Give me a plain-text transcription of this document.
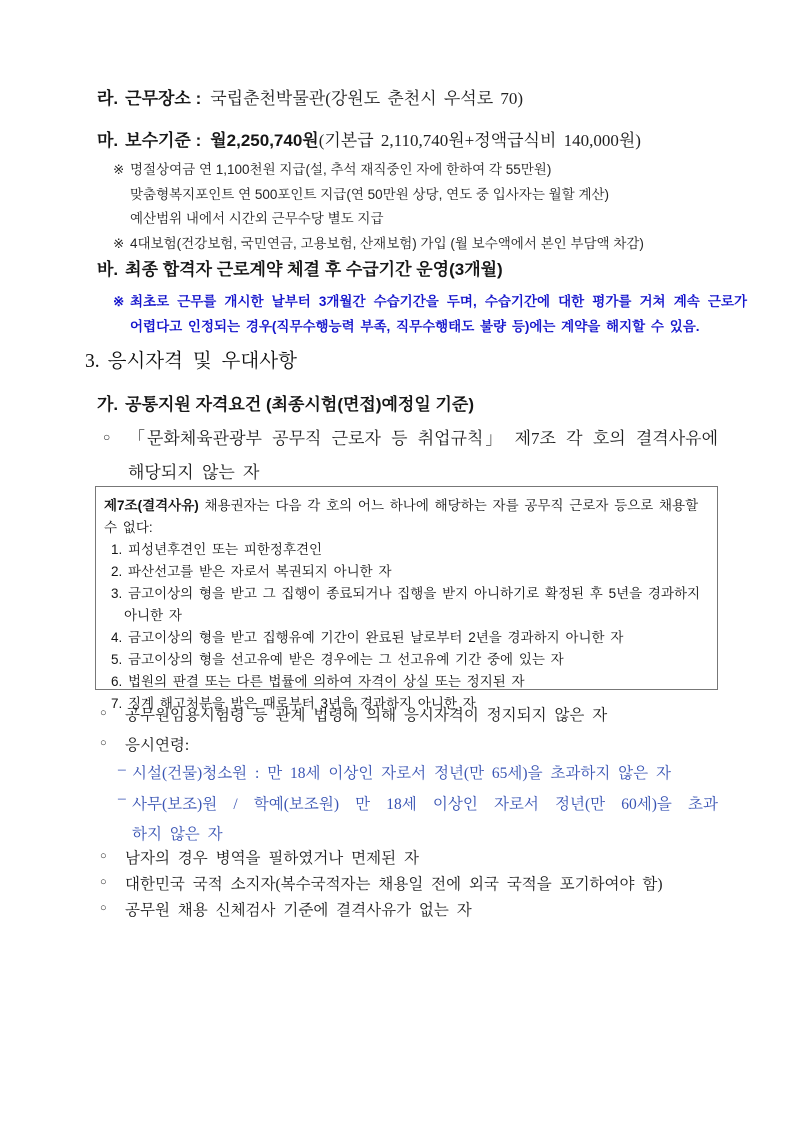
라. 근무장소 : 국립춘천박물관(강원도 춘천시 우석로 70)
마. 보수기준 : 월2,250,740원(기본급 2,110,740원+정액급식비 140,000원)
※ 명절상여금 연 1,100천원 지급(설, 추석 재직중인 자에 한하여 각 55만원)
맞춤형복지포인트 연 500포인트 지급(연 50만원 상당, 연도 중 입사자는 월할 계산)
예산범위 내에서 시간외 근무수당 별도 지급
※ 4대보험(건강보험, 국민연금, 고용보험, 산재보험) 가입 (월 보수액에서 본인 부담액 차감)
바. 최종 합격자 근로계약 체결 후 수급기간 운영(3개월)
※ 최초로 근무를 개시한 날부터 3개월간 수습기간을 두며, 수습기간에 대한 평가를 거쳐 계속 근로가
어렵다고 인정되는 경우(직무수행능력 부족, 직무수행태도 불량 등)에는 계약을 해지할 수 있음.
3. 응시자격 및 우대사항
가. 공통지원 자격요건 (최종시험(면접)예정일 기준)
○	「문화체육관광부 공무직 근로자 등 취업규칙」 제7조 각 호의 결격사유에
해당되지 않는 자
제7조(결격사유) 채용권자는 다음 각 호의 어느 하나에 해당하는 자를 공무직 근로자 등으로 채용할 수 없다:
1. 피성년후견인 또는 피한정후견인
2. 파산선고를 받은 자로서 복권되지 아니한 자
3. 금고이상의 형을 받고 그 집행이 종료되거나 집행을 받지 아니하기로 확정된 후 5년을 경과하지 아니한 자
4. 금고이상의 형을 받고 집행유예 기간이 완료된 날로부터 2년을 경과하지 아니한 자
5. 금고이상의 형을 선고유예 받은 경우에는 그 선고유예 기간 중에 있는 자
6. 법원의 판결 또는 다른 법률에 의하여 자격이 상실 또는 정지된 자
7. 징계 해고처분을 받은 때로부터 3년을 경과하지 아니한 자
○	공무원임용시험령 등 관계 법령에 의해 응시자격이 정지되지 않은 자
○	응시연령:
– 시설(건물)청소원 : 만 18세 이상인 자로서 정년(만 65세)을 초과하지 않은 자
– 사무(보조)원 / 학예(보조원) 만 18세 이상인 자로서 정년(만 60세)을 초과
하지 않은 자
○	남자의 경우 병역을 필하였거나 면제된 자
○	대한민국 국적 소지자(복수국적자는 채용일 전에 외국 국적을 포기하여야 함)
○	공무원 채용 신체검사 기준에 결격사유가 없는 자
